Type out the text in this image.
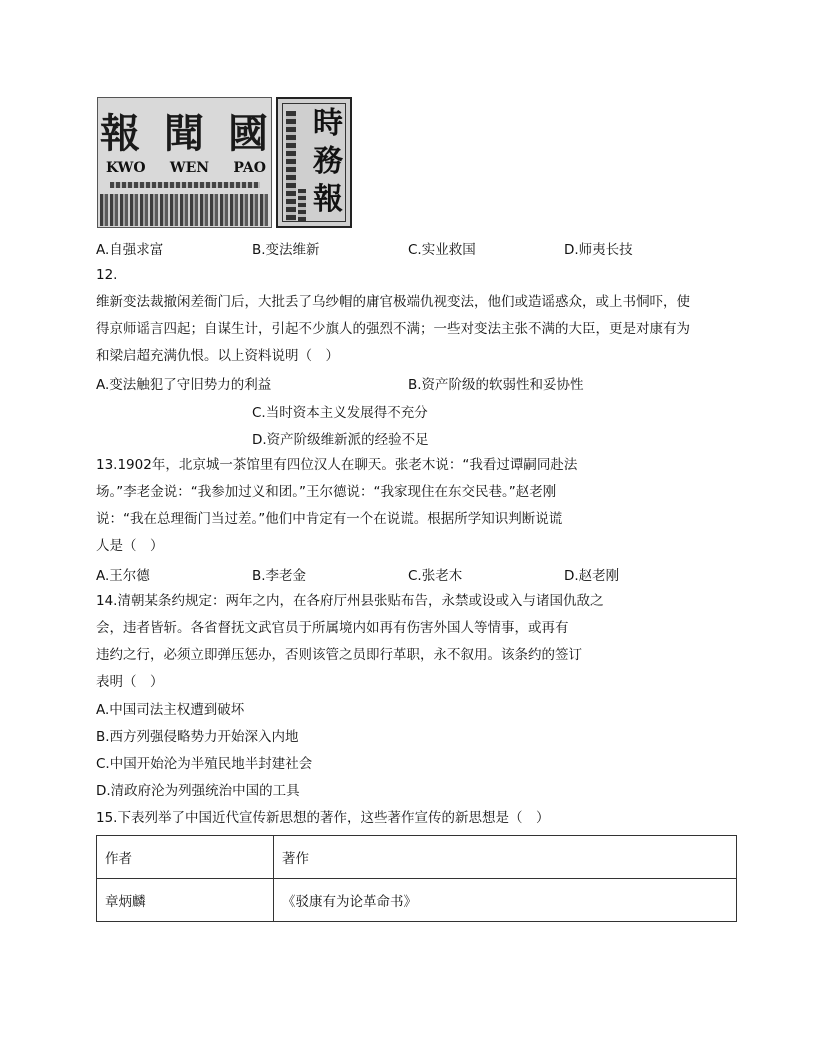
報 聞 國
KWO WEN PAO
時
務
報
A.自强求富	B.变法维新	C.实业救国	D.师夷长技
12.
维新变法裁撤闲差衙门后，大批丢了乌纱帽的庸官极端仇视变法，他们或造谣惑众，或上书恫吓，使
得京师谣言四起；自谋生计，引起不少旗人的强烈不满；一些对变法主张不满的大臣，更是对康有为
和梁启超充满仇恨。以上资料说明（　）
A.变法触犯了守旧势力的利益	B.资产阶级的软弱性和妥协性
C.当时资本主义发展得不充分
D.资产阶级维新派的经验不足
13.1902年，北京城一茶馆里有四位汉人在聊天。张老木说：“我看过谭嗣同赴法
场。”李老金说：“我参加过义和团。”王尔德说：“我家现住在东交民巷。”赵老刚
说：“我在总理衙门当过差。”他们中肯定有一个在说谎。根据所学知识判断说谎
人是（　）
A.王尔德	B.李老金	C.张老木	D.赵老刚
14.清朝某条约规定：两年之内，在各府厅州县张贴布告，永禁或设或入与诸国仇敌之
会，违者皆斩。各省督抚文武官员于所属境内如再有伤害外国人等情事，或再有
违约之行，必须立即弹压惩办，否则该管之员即行革职，永不叙用。该条约的签订
表明（　）
A.中国司法主权遭到破坏
B.西方列强侵略势力开始深入内地
C.中国开始沦为半殖民地半封建社会
D.清政府沦为列强统治中国的工具
15.下表列举了中国近代宣传新思想的著作，这些著作宣传的新思想是（　）
作者	著作
章炳麟	《驳康有为论革命书》
